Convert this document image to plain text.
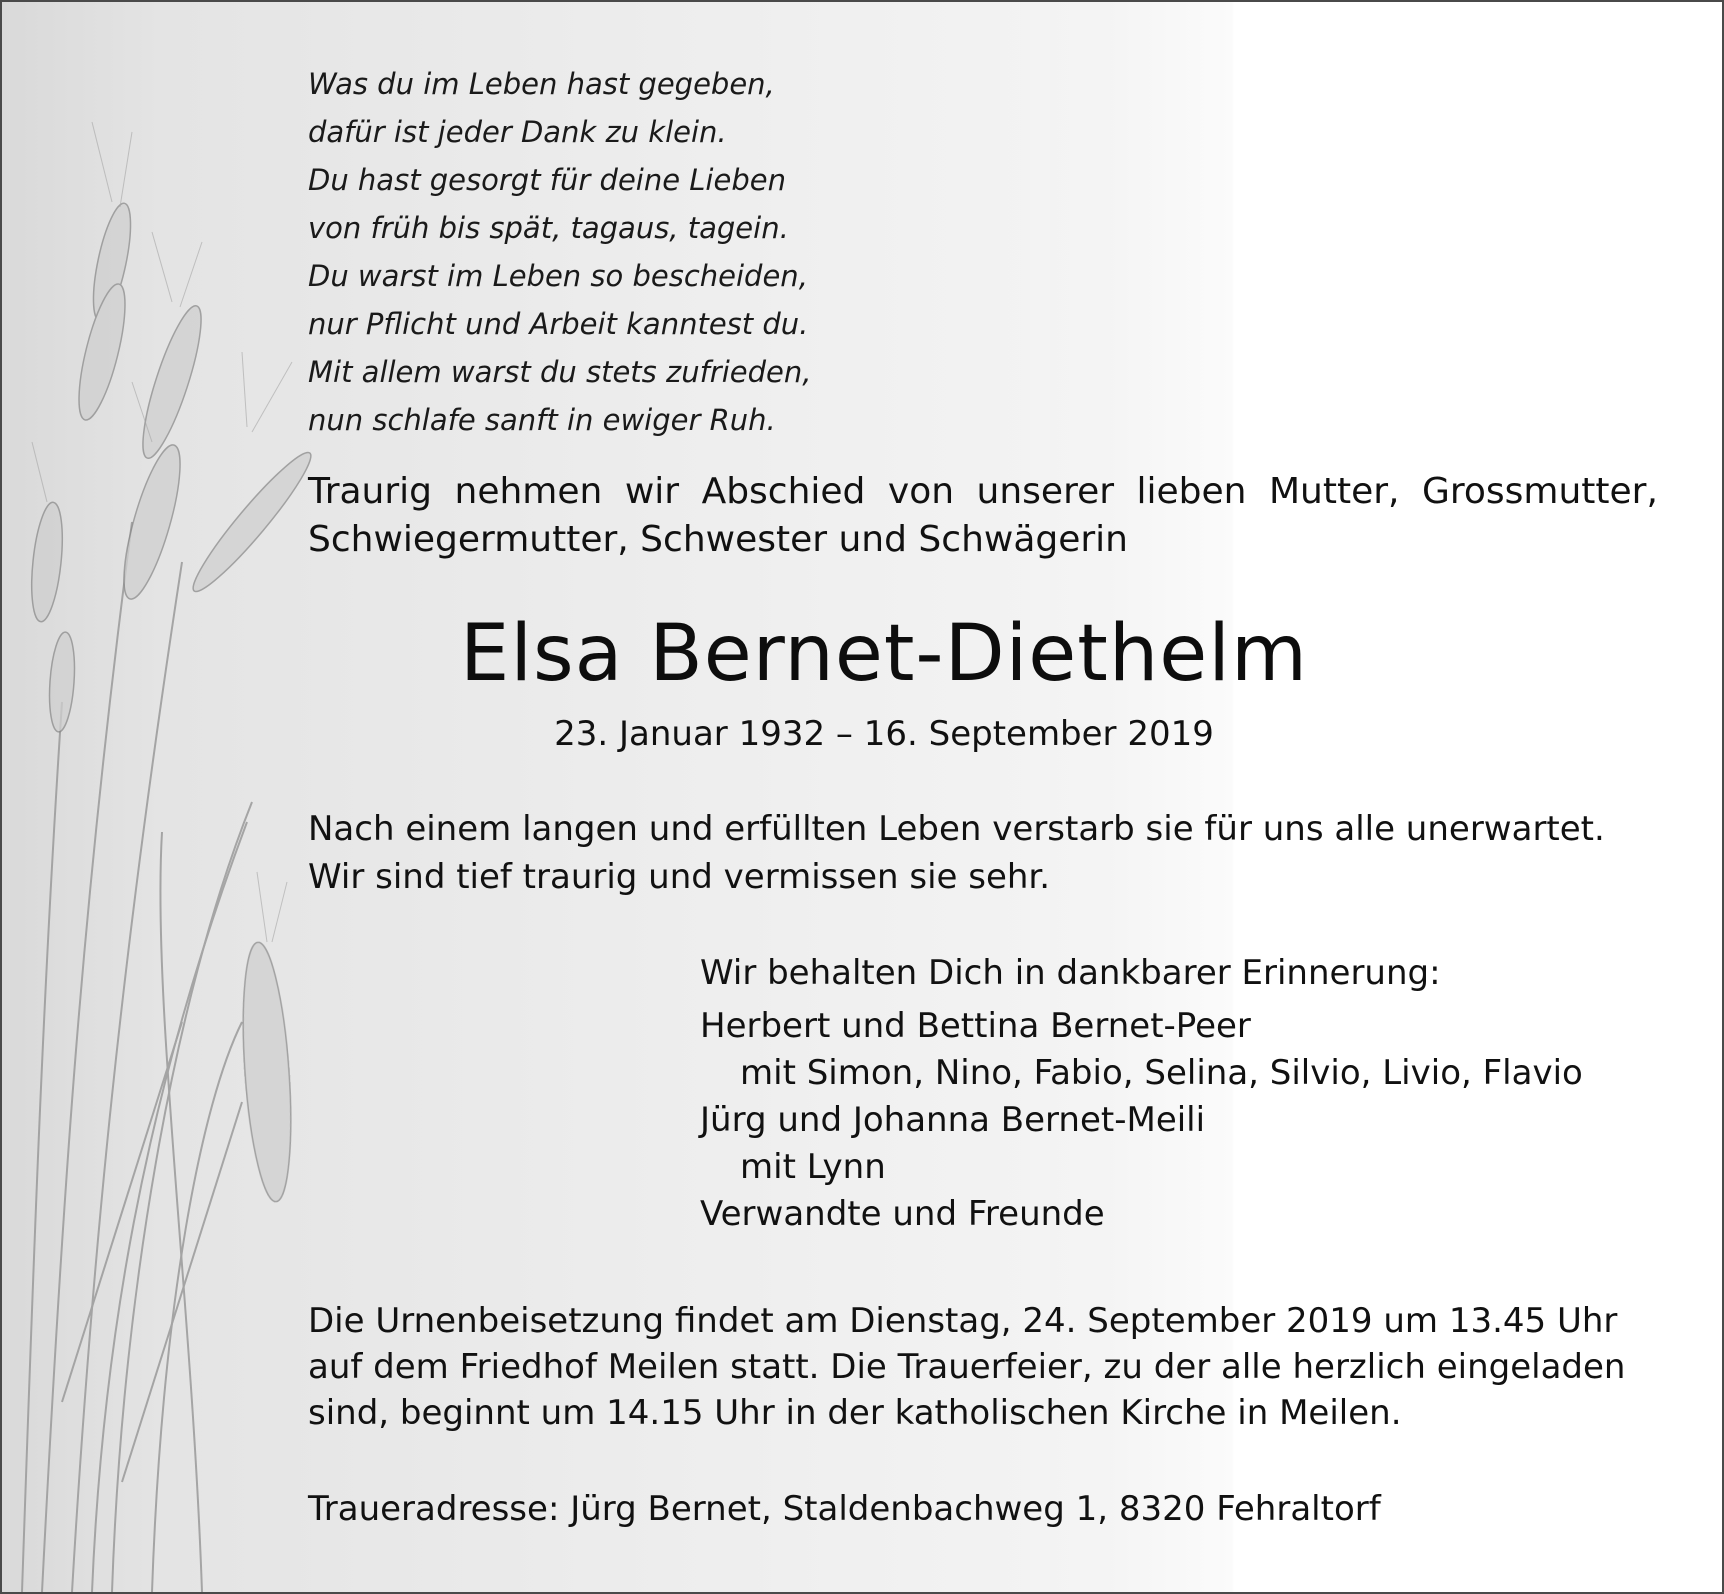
Was du im Leben hast gegeben,
dafür ist jeder Dank zu klein.
Du hast gesorgt für deine Lieben
von früh bis spät, tagaus, tagein.
Du warst im Leben so bescheiden,
nur Pflicht und Arbeit kanntest du.
Mit allem warst du stets zufrieden,
nun schlafe sanft in ewiger Ruh.
Traurig nehmen wir Abschied von unserer lieben Mutter, Grossmutter,
Schwiegermutter, Schwester und Schwägerin
Elsa Bernet-Diethelm
23. Januar 1932 – 16. September 2019
Nach einem langen und erfüllten Leben verstarb sie für uns alle unerwartet.
Wir sind tief traurig und vermissen sie sehr.
Wir behalten Dich in dankbarer Erinnerung:
Herbert und Bettina Bernet-Peer
mit Simon, Nino, Fabio, Selina, Silvio, Livio, Flavio
Jürg und Johanna Bernet-Meili
mit Lynn
Verwandte und Freunde
Die Urnenbeisetzung findet am Dienstag, 24. September 2019 um 13.45 Uhr
auf dem Friedhof Meilen statt. Die Trauerfeier, zu der alle herzlich eingeladen
sind, beginnt um 14.15 Uhr in der katholischen Kirche in Meilen.
Traueradresse: Jürg Bernet, Staldenbachweg 1, 8320 Fehraltorf
